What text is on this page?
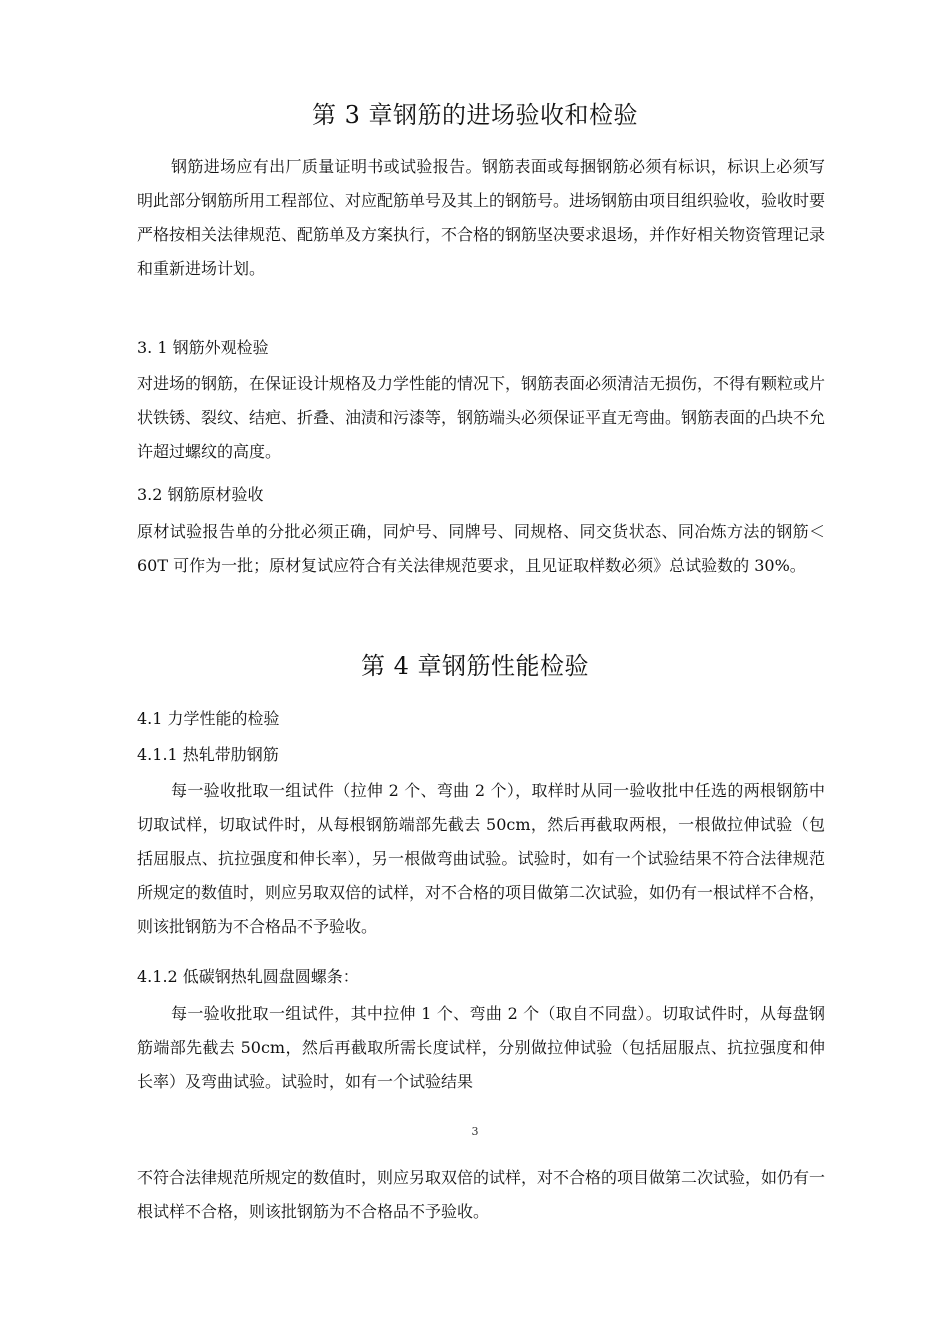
第 3 章钢筋的进场验收和检验
钢筋进场应有出厂质量证明书或试验报告。钢筋表面或每捆钢筋必须有标识，标识上必须写明此部分钢筋所用工程部位、对应配筋单号及其上的钢筋号。进场钢筋由项目组织验收，验收时要严格按相关法律规范、配筋单及方案执行，不合格的钢筋坚决要求退场，并作好相关物资管理记录和重新进场计划。
3. 1 钢筋外观检验
对进场的钢筋，在保证设计规格及力学性能的情况下，钢筋表面必须清洁无损伤，不得有颗粒或片状铁锈、裂纹、结疤、折叠、油渍和污漆等，钢筋端头必须保证平直无弯曲。钢筋表面的凸块不允许超过螺纹的高度。
3.2 钢筋原材验收
原材试验报告单的分批必须正确，同炉号、同牌号、同规格、同交货状态、同冶炼方法的钢筋＜60T 可作为一批；原材复试应符合有关法律规范要求，且见证取样数必须》总试验数的 30%。
第 4 章钢筋性能检验
4.1 力学性能的检验
4.1.1 热轧带肋钢筋
每一验收批取一组试件（拉伸 2 个、弯曲 2 个），取样时从同一验收批中任选的两根钢筋中切取试样，切取试件时，从每根钢筋端部先截去 50cm，然后再截取两根，一根做拉伸试验（包括屈服点、抗拉强度和伸长率），另一根做弯曲试验。试验时，如有一个试验结果不符合法律规范所规定的数值时，则应另取双倍的试样，对不合格的项目做第二次试验，如仍有一根试样不合格，则该批钢筋为不合格品不予验收。
4.1.2 低碳钢热轧圆盘圆螺条：
每一验收批取一组试件，其中拉伸 1 个、弯曲 2 个（取自不同盘）。切取试件时，从每盘钢筋端部先截去 50cm，然后再截取所需长度试样，分别做拉伸试验（包括屈服点、抗拉强度和伸长率）及弯曲试验。试验时，如有一个试验结果
3
不符合法律规范所规定的数值时，则应另取双倍的试样，对不合格的项目做第二次试验，如仍有一根试样不合格，则该批钢筋为不合格品不予验收。
